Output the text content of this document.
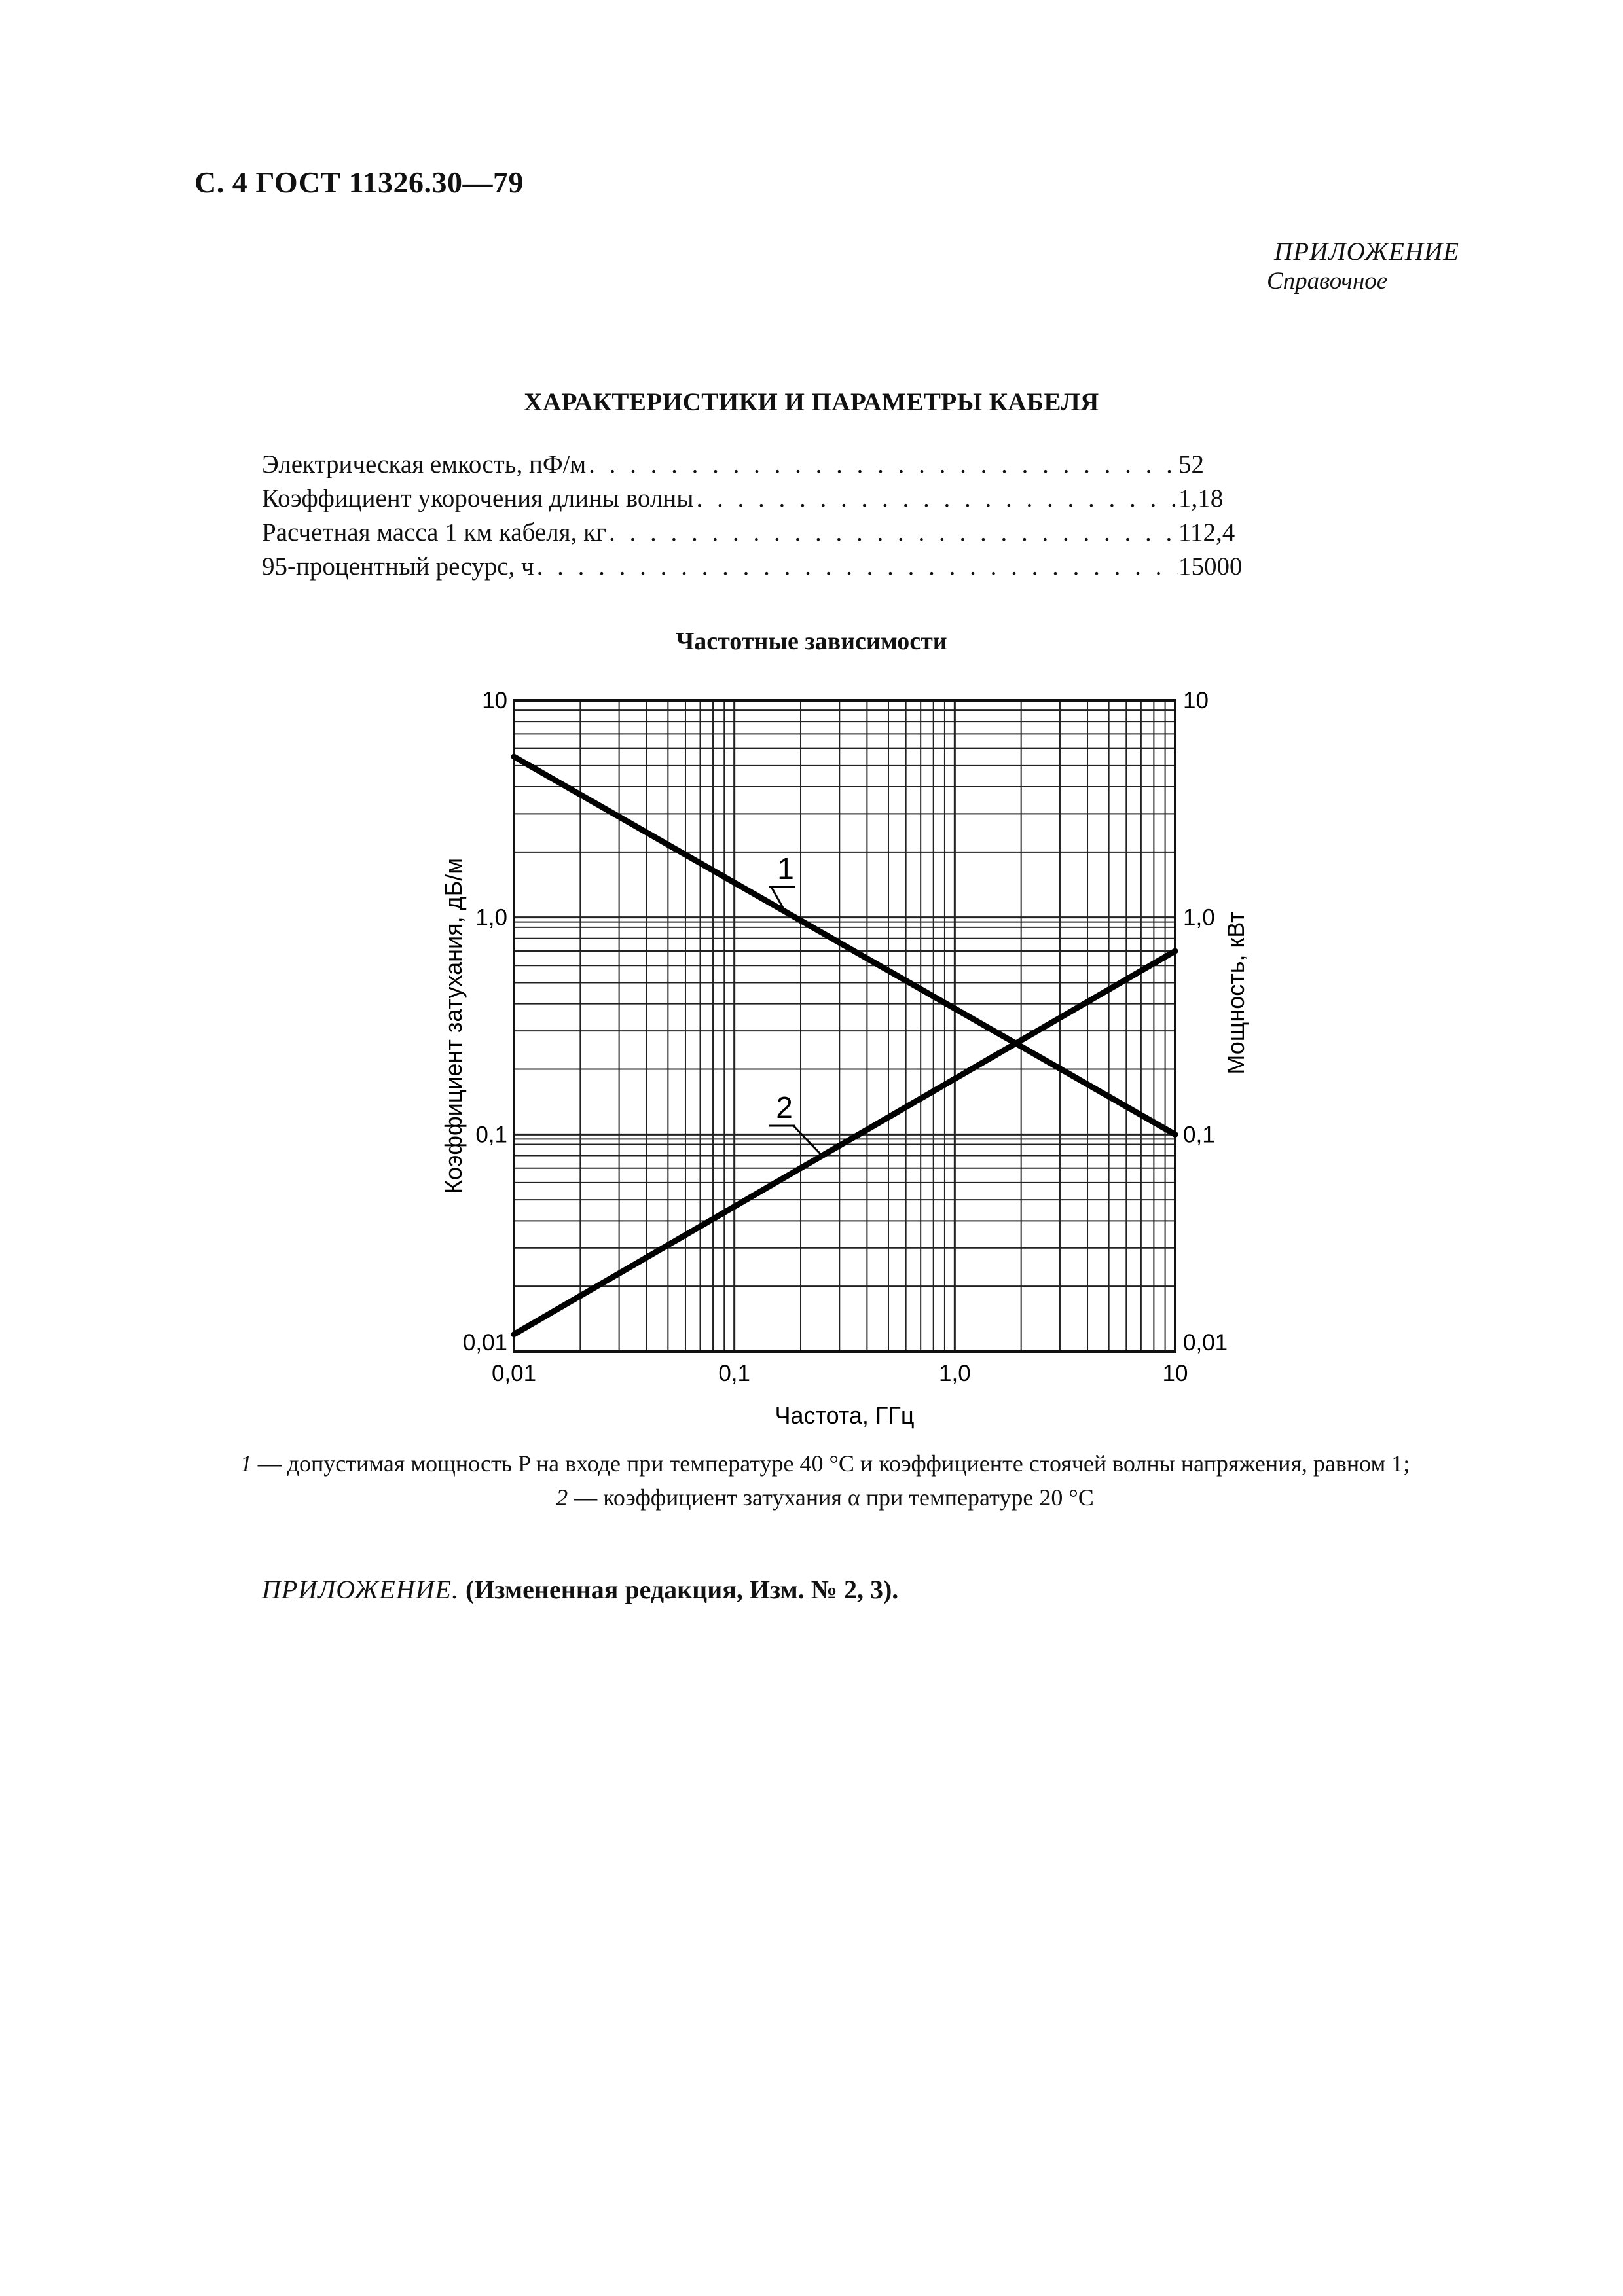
С. 4 ГОСТ 11326.30—79
ПРИЛОЖЕНИЕ
Справочное
ХАРАКТЕРИСТИКИ И ПАРАМЕТРЫ КАБЕЛЯ
Электрическая емкость, пФ/м . . .	52
Коэффициент укорочения длины волны . . .	1,18
Расчетная масса 1 км кабеля, кг . . .	112,4
95-процентный ресурс, ч . . .	15000
Частотные зависимости
0,01	0,1	1,0	10
0,01
0,1
1,0
10
0,01
0,1
1,0
10
Частота, ГГц
Коэффициент затухания, дБ/м	Мощность, кВт
1
2
1 — допустимая мощность P на входе при температуре 40 °С и коэффициенте стоячей волны напряжения, равном 1;
2 — коэффициент затухания α при температуре 20 °С
ПРИЛОЖЕНИЕ. (Измененная редакция, Изм. № 2, 3).
